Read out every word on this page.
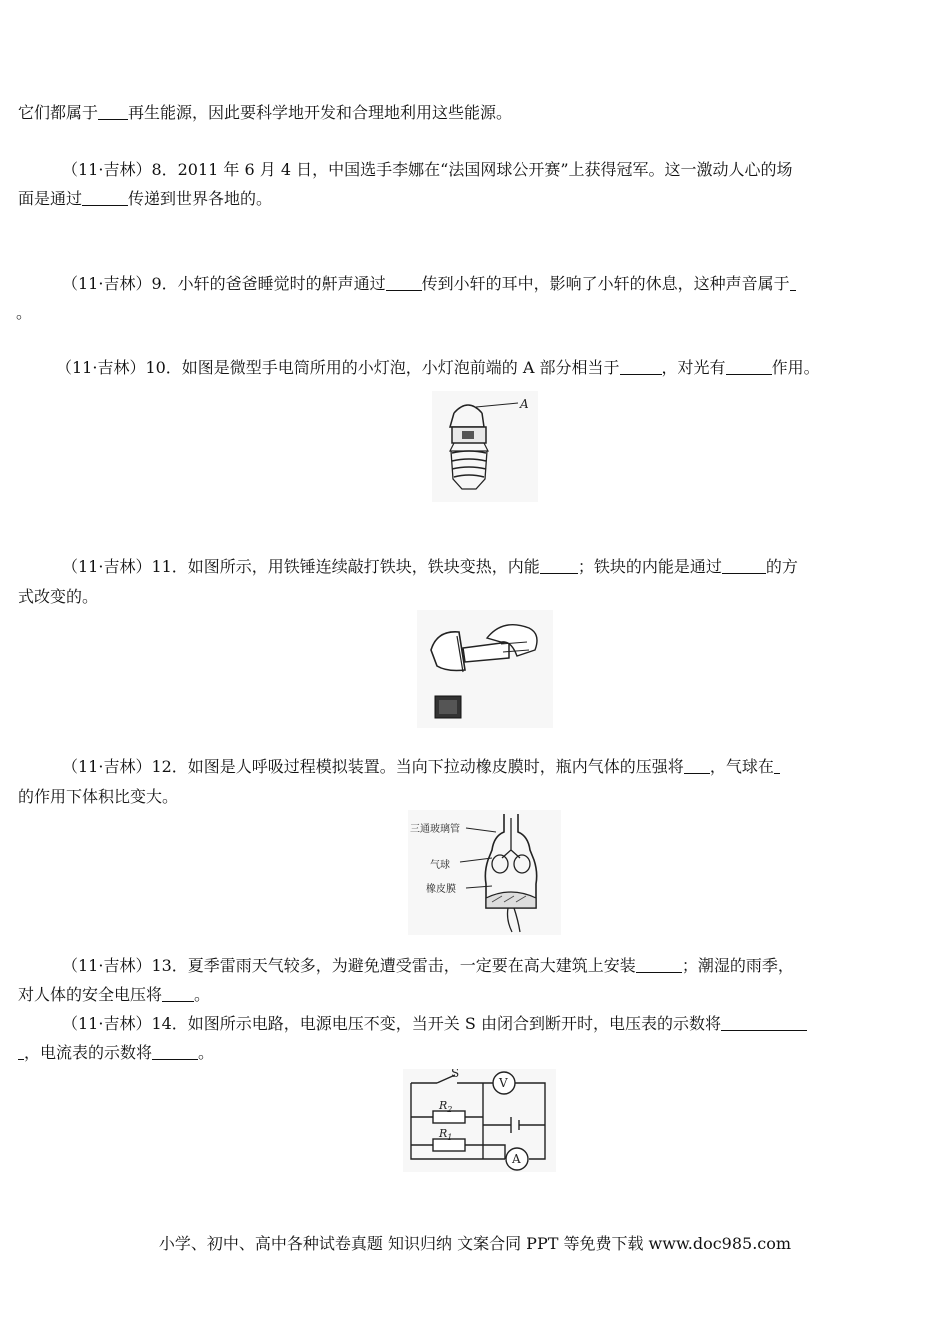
它们都属于 再生能源，因此要科学地开发和合理地利用这些能源。
（11·吉林）8．2011 年 6 月 4 日，中国选手李娜在“法国网球公开赛”上获得冠军。这一激动人心的场
面是通过	传递到世界各地的。
（11·吉林）9．小轩的爸爸睡觉时的鼾声通过 传到小轩的耳中，影响了小轩的休息，这种声音属于
。
（11·吉林）10．如图是微型手电筒所用的小灯泡，小灯泡前端的 A 部分相当于	，对光有	作用。
A
（11·吉林）11．如图所示，用铁锤连续敲打铁块，铁块变热，内能 ；铁块的内能是通过	的方
式改变的。
（11·吉林）12．如图是人呼吸过程模拟装置。当向下拉动橡皮膜时，瓶内气体的压强将 ，气球在
的作用下体积比变大。
三通玻璃管
气球
橡皮膜
（11·吉林）13．夏季雷雨天气较多，为避免遭受雷击，一定要在高大建筑上安装	；潮湿的雨季，
对人体的安全电压将 。
（11·吉林）14．如图所示电路，电源电压不变，当开关 S 由闭合到断开时，电压表的示数将
，电流表的示数将	。
S
V
A
$R_2$
$R_1$
小学、初中、高中各种试卷真题 知识归纳 文案合同 PPT 等免费下载 www.doc985.com
